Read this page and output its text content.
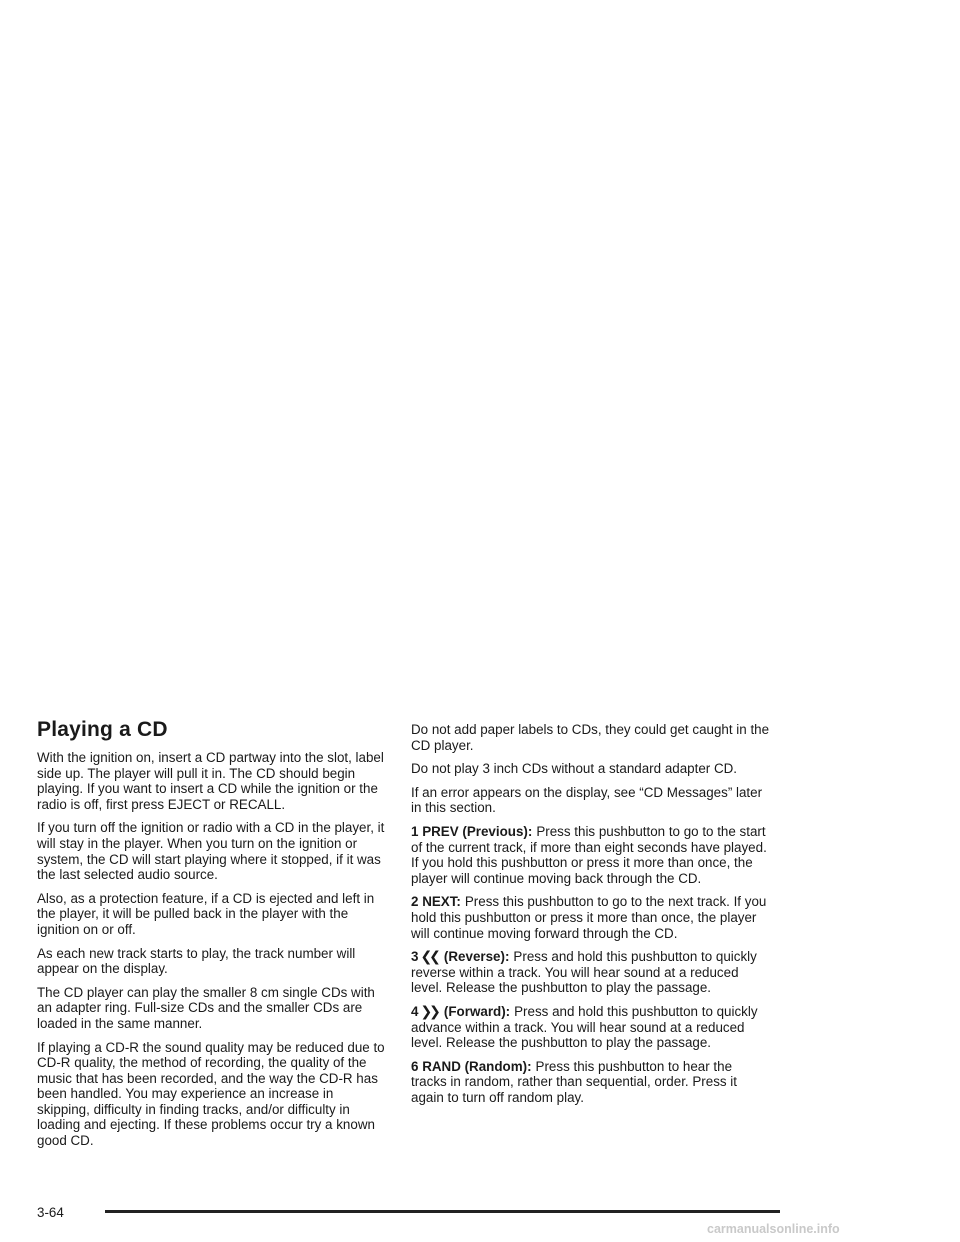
Playing a CD

With the ignition on, insert a CD partway into the slot, label side up. The player will pull it in. The CD should begin playing. If you want to insert a CD while the ignition or the radio is off, first press EJECT or RECALL.

If you turn off the ignition or radio with a CD in the player, it will stay in the player. When you turn on the ignition or system, the CD will start playing where it stopped, if it was the last selected audio source.

Also, as a protection feature, if a CD is ejected and left in the player, it will be pulled back in the player with the ignition on or off.

As each new track starts to play, the track number will appear on the display.

The CD player can play the smaller 8 cm single CDs with an adapter ring. Full-size CDs and the smaller CDs are loaded in the same manner.

If playing a CD-R the sound quality may be reduced due to CD-R quality, the method of recording, the quality of the music that has been recorded, and the way the CD-R has been handled. You may experience an increase in skipping, difficulty in finding tracks, and/or difficulty in loading and ejecting. If these problems occur try a known good CD.

Do not add paper labels to CDs, they could get caught in the CD player.

Do not play 3 inch CDs without a standard adapter CD.

If an error appears on the display, see “CD Messages” later in this section.

1 PREV (Previous): Press this pushbutton to go to the start of the current track, if more than eight seconds have played. If you hold this pushbutton or press it more than once, the player will continue moving back through the CD.

2 NEXT: Press this pushbutton to go to the next track. If you hold this pushbutton or press it more than once, the player will continue moving forward through the CD.

3 ❮❮ (Reverse): Press and hold this pushbutton to quickly reverse within a track. You will hear sound at a reduced level. Release the pushbutton to play the passage.

4 ❯❯ (Forward): Press and hold this pushbutton to quickly advance within a track. You will hear sound at a reduced level. Release the pushbutton to play the passage.

6 RAND (Random): Press this pushbutton to hear the tracks in random, rather than sequential, order. Press it again to turn off random play.

3-64
carmanualsonline.info
